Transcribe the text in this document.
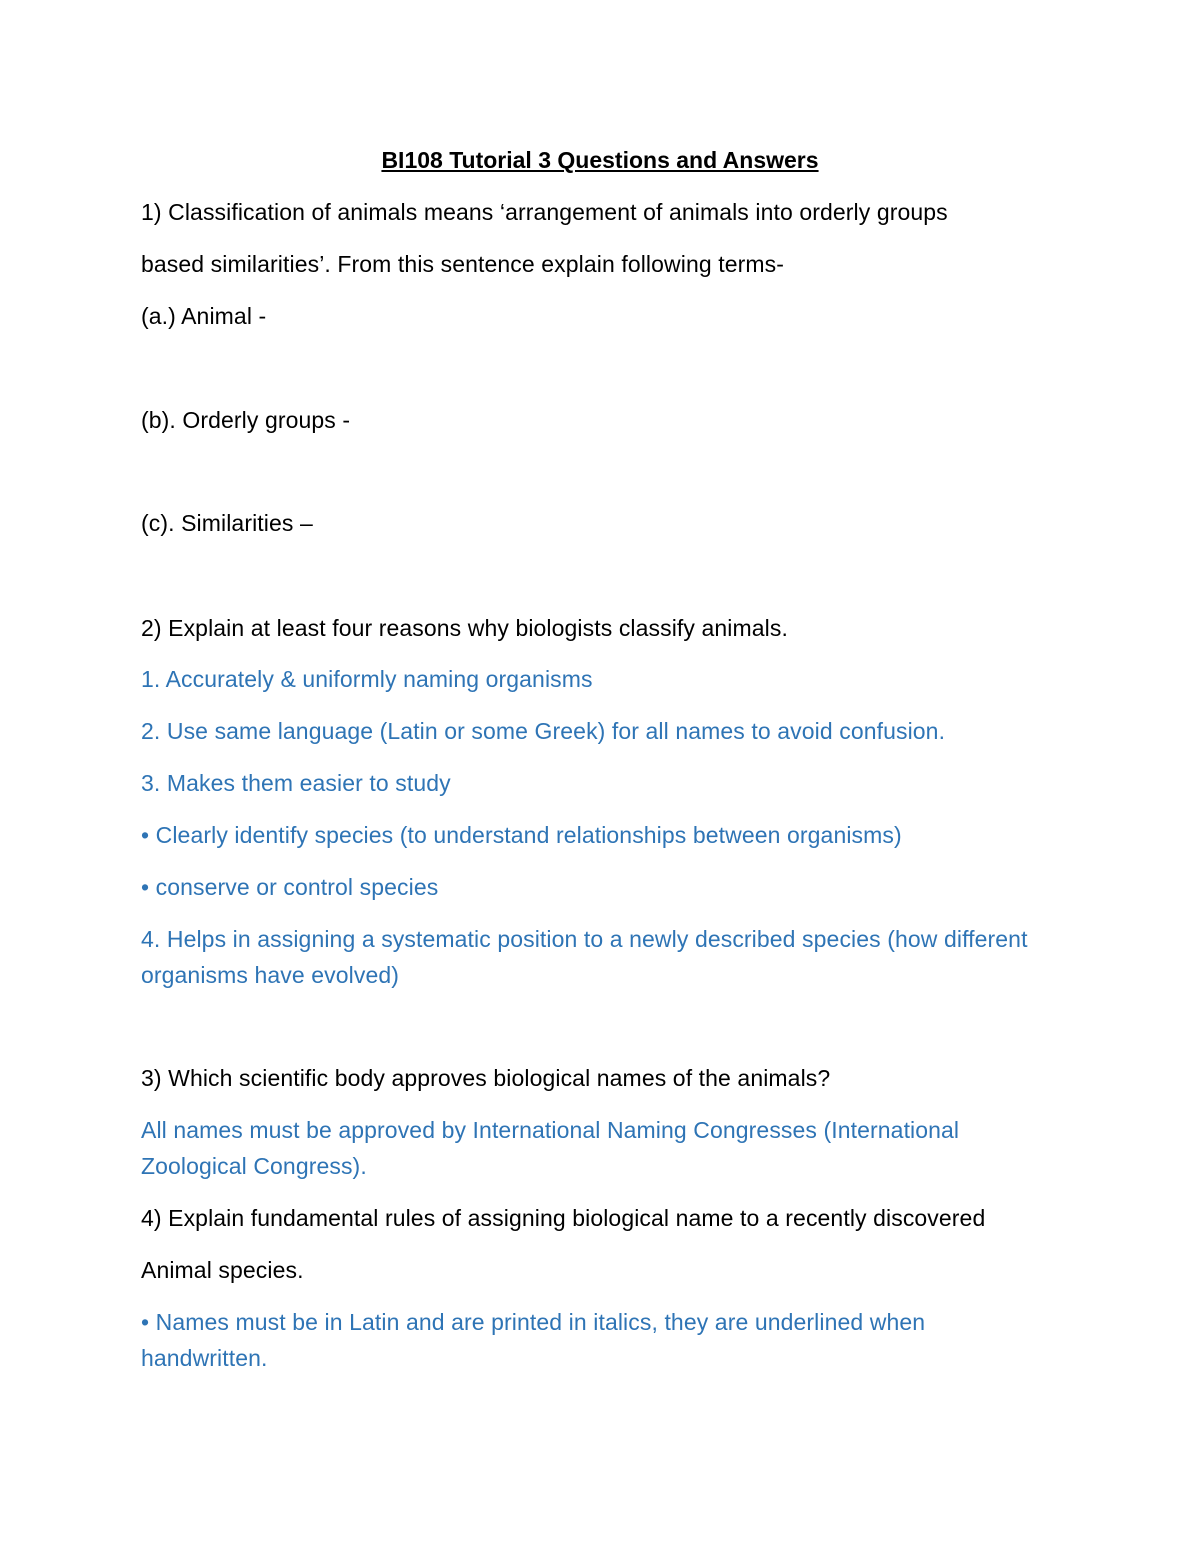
BI108 Tutorial 3 Questions and Answers
1) Classification of animals means ‘arrangement of animals into orderly groups
based similarities’. From this sentence explain following terms-
(a.) Animal -
(b). Orderly groups -
(c). Similarities –
2) Explain at least four reasons why biologists classify animals.
1. Accurately & uniformly naming organisms
2. Use same language (Latin or some Greek) for all names to avoid confusion.
3. Makes them easier to study
• Clearly identify species (to understand relationships between organisms)
• conserve or control species
4. Helps in assigning a systematic position to a newly described species (how different organisms have evolved)
3) Which scientific body approves biological names of the animals?
All names must be approved by International Naming Congresses (International Zoological Congress).
4) Explain fundamental rules of assigning biological name to a recently discovered
Animal species.
• Names must be in Latin and are printed in italics, they are underlined when handwritten.
